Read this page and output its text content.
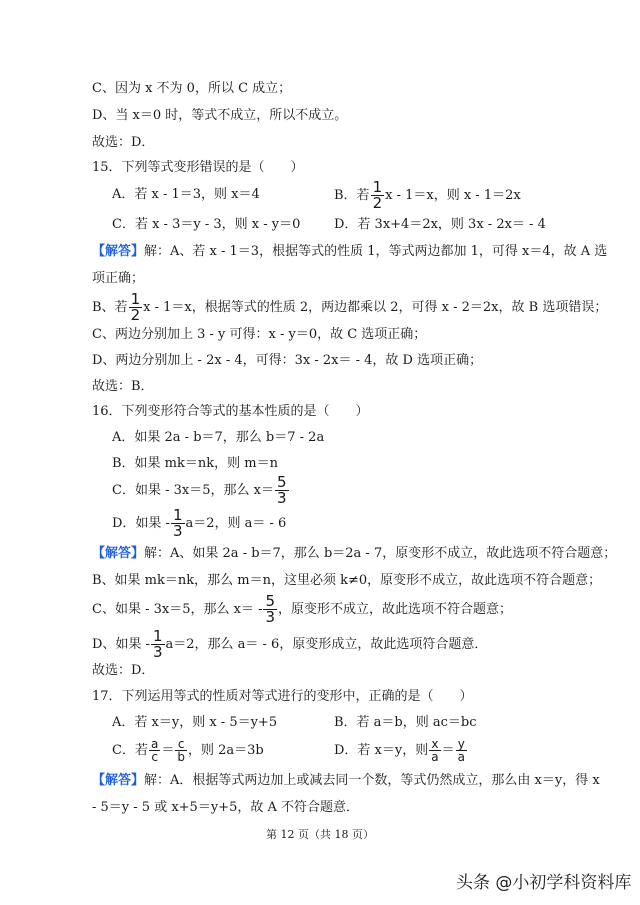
C、因为 x 不为 0，所以 C 成立；
D、当 x＝0 时，等式不成立，所以不成立。
故选：D．
15．下列等式变形错误的是（　　）
A．若 x - 1＝3，则 x＝4	B．若 $\frac{1}{2}$ x - 1＝x，则 x - 1＝2x
C．若 x - 3＝y - 3，则 x - y＝0	D．若 3x+4＝2x，则 3x - 2x＝ - 4
【解答】解：A、若 x - 1＝3，根据等式的性质 1，等式两边都加 1，可得 x＝4，故 A 选
项正确；
B、若 $\frac{1}{2}$ x - 1＝x，根据等式的性质 2，两边都乘以 2，可得 x - 2＝2x，故 B 选项错误；
C、两边分别加上 3 - y 可得：x - y＝0，故 C 选项正确；
D、两边分别加上 - 2x - 4，可得：3x - 2x＝ - 4，故 D 选项正确；
故选：B．
16．下列变形符合等式的基本性质的是（　　）
A．如果 2a - b＝7，那么 b＝7 - 2a
B．如果 mk＝nk，则 m＝n
C．如果 - 3x＝5，那么 $x= \frac{5}{3}$
D．如果 - $\frac{1}{3} a=2$，则 a＝ - 6
【解答】解：A、如果 2a - b＝7，那么 b＝2a - 7，原变形不成立，故此选项不符合题意；
B、如果 mk＝nk，那么 m＝n，这里必须 k≠0，原变形不成立，故此选项不符合题意；
C、如果 - 3x＝5，那么 $x= - \frac{5}{3}$ ，原变形不成立，故此选项不符合题意；
D、如果 - $\frac{1}{3} a=2$，那么 a＝ - 6，原变形成立，故此选项符合题意．
故选：D．
17．下列运用等式的性质对等式进行的变形中，正确的是（　　）
A．若 x＝y，则 x - 5＝y+5	B．若 a＝b，则 ac＝bc
C．若 $\frac{a}{c} = \frac{c}{b}$ ，则 2a＝3b	D．若 x＝y，则 $\frac{x}{a} = \frac{y}{a}$
【解答】解：A．根据等式两边加上或减去同一个数，等式仍然成立，那么由 x＝y，得 x
- 5＝y - 5 或 x+5＝y+5，故 A 不符合题意．
第 12 页（共 18 页）
头条 @小初学科资料库
